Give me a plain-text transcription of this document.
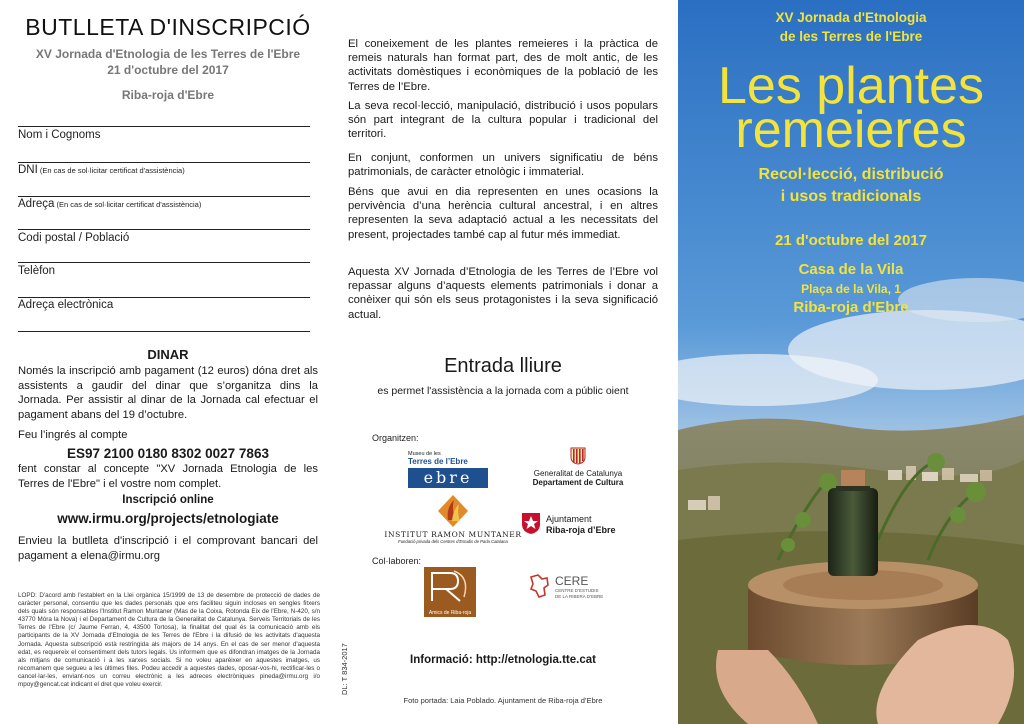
BUTLLETA D'INSCRIPCIÓ
XV Jornada d'Etnologia de les Terres de l'Ebre
21 d'octubre del 2017
Riba-roja d'Ebre
Nom i Cognoms
DNI (En cas de sol·licitar certificat d'assistència)
Adreça (En cas de sol·licitar certificat d'assistència)
Codi postal / Població
Telèfon
Adreça electrònica
DINAR
Només la inscripció amb pagament (12 euros) dóna dret als assistents a gaudir del dinar que s’organitza dins la Jornada. Per assistir al dinar de la Jornada cal efectuar el pagament abans del 19 d’octubre.
Feu l’ingrés al compte
ES97 2100 0180 8302 0027 7863
fent constar al concepte "XV Jornada Etnologia de les Terres de l'Ebre" i el vostre nom complet.
Inscripció online
www.irmu.org/projects/etnologiate
Envieu la butlleta d'inscripció i el comprovant bancari del pagament a elena@irmu.org
LOPD: D'acord amb l'establert en la Llei orgànica 15/1999 de 13 de desembre de protecció de dades de caràcter personal, consentiu que les dades personals que ens faciliteu siguin incloses en sengles fitxers dels quals són responsables l'Institut Ramon Muntaner (Mas de la Coixa, Rotonda Eix de l'Ebre, N-420, s/n 43770 Móra la Nova) i el Departament de Cultura de la Generalitat de Catalunya. Serveis Territorials de les Terres de l'Ebre (c/ Jaume Ferran, 4, 43500 Tortosa), la finalitat del qual és la comunicació amb els participants de la XV Jornada d'Etnologia de les Terres de l'Ebre i la difusió de les activitats d'aquesta Jornada. Aquesta subscripció està restringida als majors de 14 anys. En el cas de ser menor d'aquesta edat, es requereix el consentiment dels tutors legals. Us informem que es difondran imatges de la Jornada als mitjans de comunicació i a les xarxes socials. Si no voleu aparèixer en aquestes imatges, us recomanem que segueu a les últimes files. Podeu accedir a aquestes dades, oposar-vos-hi, rectificar-les o cancel·lar-les, enviant-nos un correu electrònic a les adreces electròniques pineda@irmu.org i/o mpoy@gencat.cat indicant el dret que voleu exercir.	DL: T 834-2017
El coneixement de les plantes remeieres i la pràctica de remeis naturals han format part, des de molt antic, de les activitats domèstiques i econòmiques de la població de les Terres de l’Ebre.
La seva recol·lecció, manipulació, distribució i usos populars són part integrant de la cultura popular i tradicional del territori.
En conjunt, conformen un univers significatiu de béns patrimonials, de caràcter etnològic i immaterial.
Béns que avui en dia representen en unes ocasions la pervivència d’una herència cultural ancestral, i en altres representen la seva adaptació actual a les necessitats del present, projectades també cap al futur més immediat.
Aquesta XV Jornada d’Etnologia de les Terres de l’Ebre vol repassar alguns d’aquests elements patrimonials i donar a conèixer qui són els seus protagonistes i la seva significació actual.
Entrada lliure
es permet l'assistència a la jornada com a públic oient
Organitzen:
Museu de les
Terres de l’Ebre
ebre	Generalitat de Catalunya
Departament de Cultura
INSTITUT RAMON MUNTANER
Fundació privada dels Centres d’Estudis de Parla Catalana
Ajuntament
Riba-roja d’Ebre
Col·laboren:
Amics de Riba-roja
CERE
CENTRE D’ESTUDIS
DE LA RIBERA D’EBRE
Informació: http://etnologia.tte.cat
Foto portada: Laia Poblado. Ajuntament de Riba-roja d’Ebre
XV Jornada d'Etnologia
de les Terres de l'Ebre
Les plantes
remeieres
Recol·lecció, distribució
i usos tradicionals
21 d'octubre del 2017
Casa de la Vila
Plaça de la Vila, 1
Riba-roja d'Ebre
